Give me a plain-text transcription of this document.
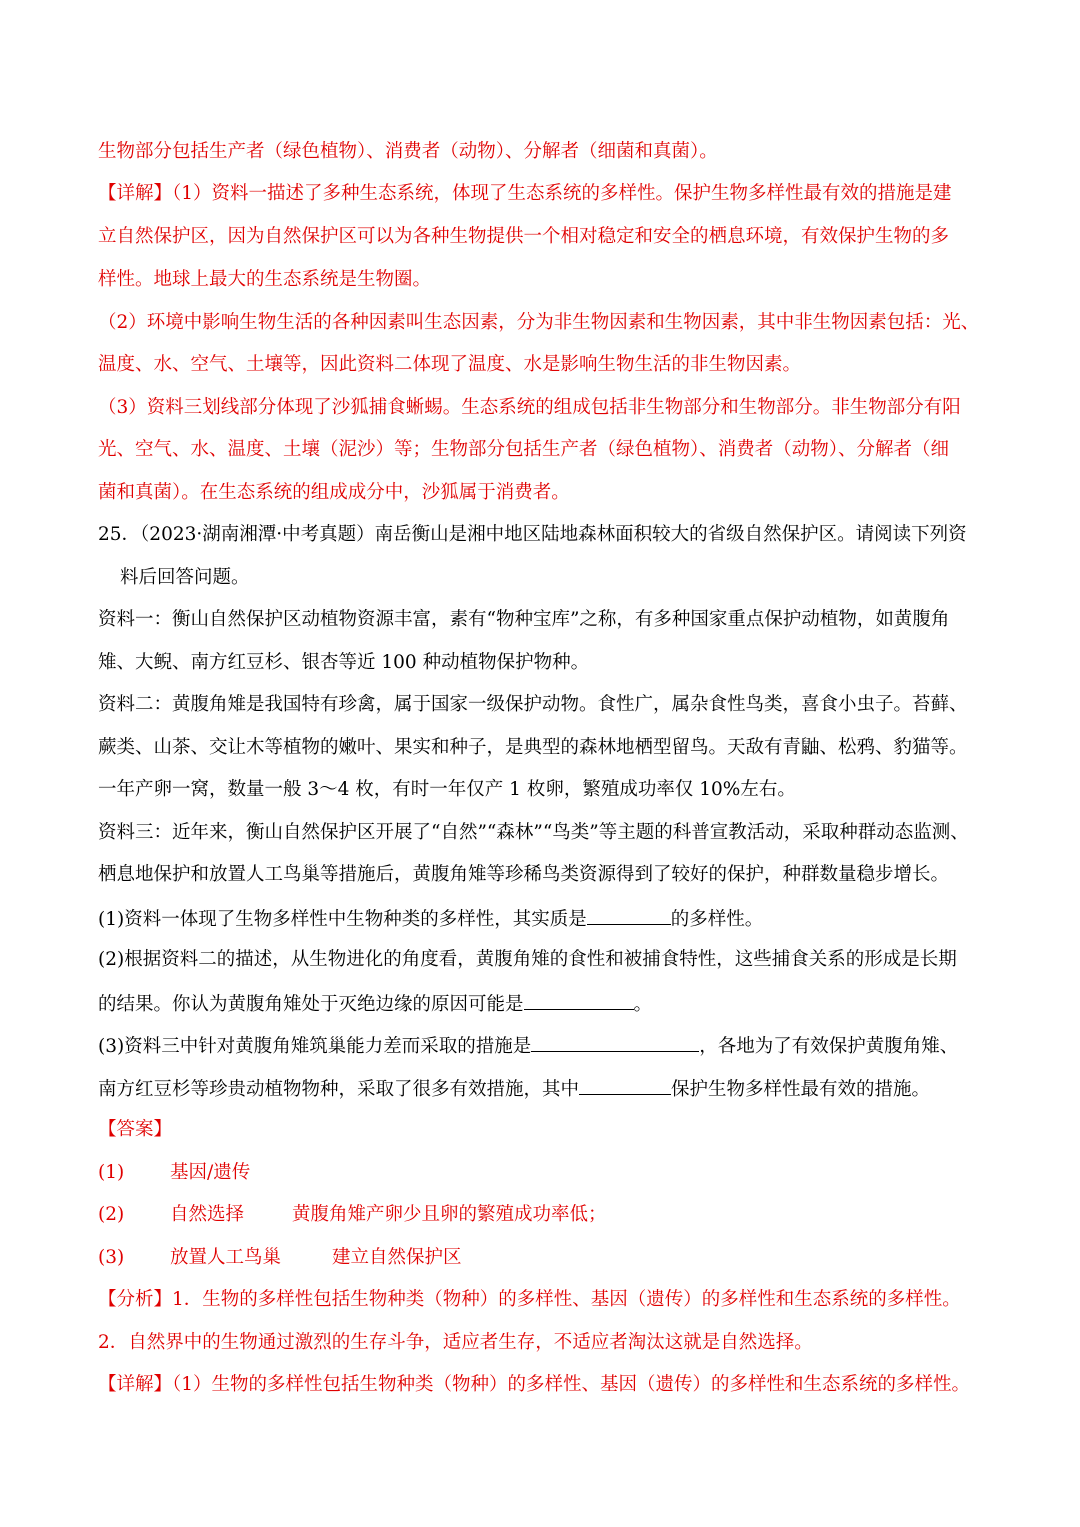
生物部分包括生产者（绿色植物）、消费者（动物）、分解者（细菌和真菌）。
【详解】（1）资料一描述了多种生态系统，体现了生态系统的多样性。保护生物多样性最有效的措施是建
立自然保护区，因为自然保护区可以为各种生物提供一个相对稳定和安全的栖息环境，有效保护生物的多
样性。地球上最大的生态系统是生物圈。
（2）环境中影响生物生活的各种因素叫生态因素，分为非生物因素和生物因素，其中非生物因素包括：光、
温度、水、空气、土壤等，因此资料二体现了温度、水是影响生物生活的非生物因素。
（3）资料三划线部分体现了沙狐捕食蜥蜴。生态系统的组成包括非生物部分和生物部分。非生物部分有阳
光、空气、水、温度、土壤（泥沙）等；生物部分包括生产者（绿色植物）、消费者（动物）、分解者（细
菌和真菌）。在生态系统的组成成分中，沙狐属于消费者。
25．（2023·湖南湘潭·中考真题）南岳衡山是湘中地区陆地森林面积较大的省级自然保护区。请阅读下列资
料后回答问题。
资料一：衡山自然保护区动植物资源丰富，素有“物种宝库”之称，有多种国家重点保护动植物，如黄腹角
雉、大鲵、南方红豆杉、银杏等近 100 种动植物保护物种。
资料二：黄腹角雉是我国特有珍禽，属于国家一级保护动物。食性广，属杂食性鸟类，喜食小虫子。苔藓、
蕨类、山茶、交让木等植物的嫩叶、果实和种子，是典型的森林地栖型留鸟。天敌有青鼬、松鸦、豹猫等。
一年产卵一窝，数量一般 3～4 枚，有时一年仅产 1 枚卵，繁殖成功率仅 10%左右。
资料三：近年来，衡山自然保护区开展了“自然”“森林”“鸟类”等主题的科普宣教活动，采取种群动态监测、
栖息地保护和放置人工鸟巢等措施后，黄腹角雉等珍稀鸟类资源得到了较好的保护，种群数量稳步增长。
(1)资料一体现了生物多样性中生物种类的多样性，其实质是	的多样性。
(2)根据资料二的描述，从生物进化的角度看，黄腹角雉的食性和被捕食特性，这些捕食关系的形成是长期
的结果。你认为黄腹角雉处于灭绝边缘的原因可能是	。
(3)资料三中针对黄腹角雉筑巢能力差而采取的措施是	，各地为了有效保护黄腹角雉、
南方红豆杉等珍贵动植物物种，采取了很多有效措施，其中	保护生物多样性最有效的措施。
【答案】
(1) 基因/遗传
(2) 自然选择	黄腹角雉产卵少且卵的繁殖成功率低；
(3) 放置人工鸟巢	建立自然保护区
【分析】1．生物的多样性包括生物种类（物种）的多样性、基因（遗传）的多样性和生态系统的多样性。
2．自然界中的生物通过激烈的生存斗争，适应者生存，不适应者淘汰这就是自然选择。
【详解】（1）生物的多样性包括生物种类（物种）的多样性、基因（遗传）的多样性和生态系统的多样性。
